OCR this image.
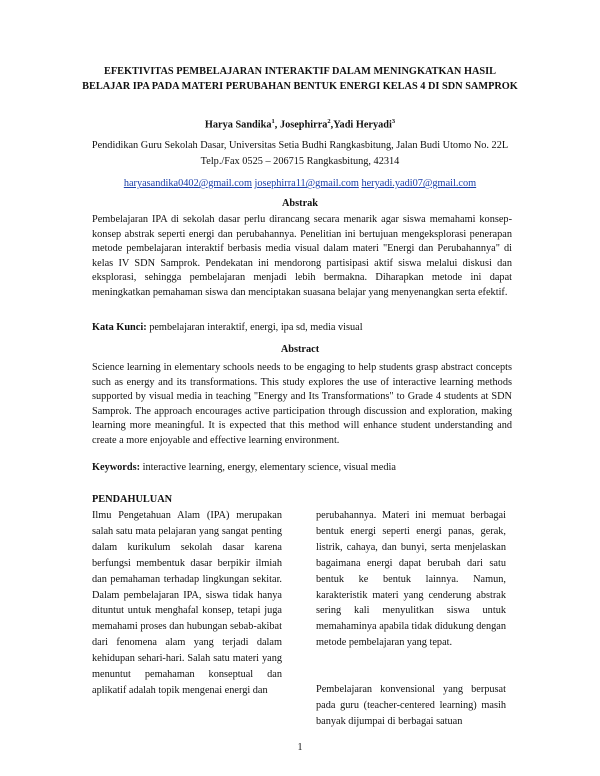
EFEKTIVITAS PEMBELAJARAN INTERAKTIF DALAM MENINGKATKAN HASIL BELAJAR IPA PADA MATERI PERUBAHAN BENTUK ENERGI KELAS 4 DI SDN SAMPROK
Harya Sandika$^1$, Josephirra$^2$,Yadi Heryadi$^3$
Pendidikan Guru Sekolah Dasar, Universitas Setia Budhi Rangkasbitung, Jalan Budi Utomo No. 22L Telp./Fax 0525 – 206715 Rangkasbitung, 42314
haryasandika0402@gmail.com josephirra11@gmail.com heryadi.yadi07@gmail.com
Abstrak
Pembelajaran IPA di sekolah dasar perlu dirancang secara menarik agar siswa memahami konsep-konsep abstrak seperti energi dan perubahannya. Penelitian ini bertujuan mengeksplorasi penerapan metode pembelajaran interaktif berbasis media visual dalam materi "Energi dan Perubahannya" di kelas IV SDN Samprok. Pendekatan ini mendorong partisipasi aktif siswa melalui diskusi dan eksplorasi, sehingga pembelajaran menjadi lebih bermakna. Diharapkan metode ini dapat meningkatkan pemahaman siswa dan menciptakan suasana belajar yang menyenangkan serta efektif.
Kata Kunci: pembelajaran interaktif, energi, ipa sd, media visual
Abstract
Science learning in elementary schools needs to be engaging to help students grasp abstract concepts such as energy and its transformations. This study explores the use of interactive learning methods supported by visual media in teaching "Energy and Its Transformations" to Grade 4 students at SDN Samprok. The approach encourages active participation through discussion and exploration, making learning more meaningful. It is expected that this method will enhance student understanding and create a more enjoyable and effective learning environment.
Keywords: interactive learning, energy, elementary science, visual media
PENDAHULUAN
Ilmu Pengetahuan Alam (IPA) merupakan salah satu mata pelajaran yang sangat penting dalam kurikulum sekolah dasar karena berfungsi membentuk dasar berpikir ilmiah dan pemahaman terhadap lingkungan sekitar. Dalam pembelajaran IPA, siswa tidak hanya dituntut untuk menghafal konsep, tetapi juga memahami proses dan hubungan sebab-akibat dari fenomena alam yang terjadi dalam kehidupan sehari-hari. Salah satu materi yang menuntut pemahaman konseptual dan aplikatif adalah topik mengenai energi dan
perubahannya. Materi ini memuat berbagai bentuk energi seperti energi panas, gerak, listrik, cahaya, dan bunyi, serta menjelaskan bagaimana energi dapat berubah dari satu bentuk ke bentuk lainnya. Namun, karakteristik materi yang cenderung abstrak sering kali menyulitkan siswa untuk memahaminya apabila tidak didukung dengan metode pembelajaran yang tepat.
Pembelajaran konvensional yang berpusat pada guru (teacher-centered learning) masih banyak dijumpai di berbagai satuan
1
